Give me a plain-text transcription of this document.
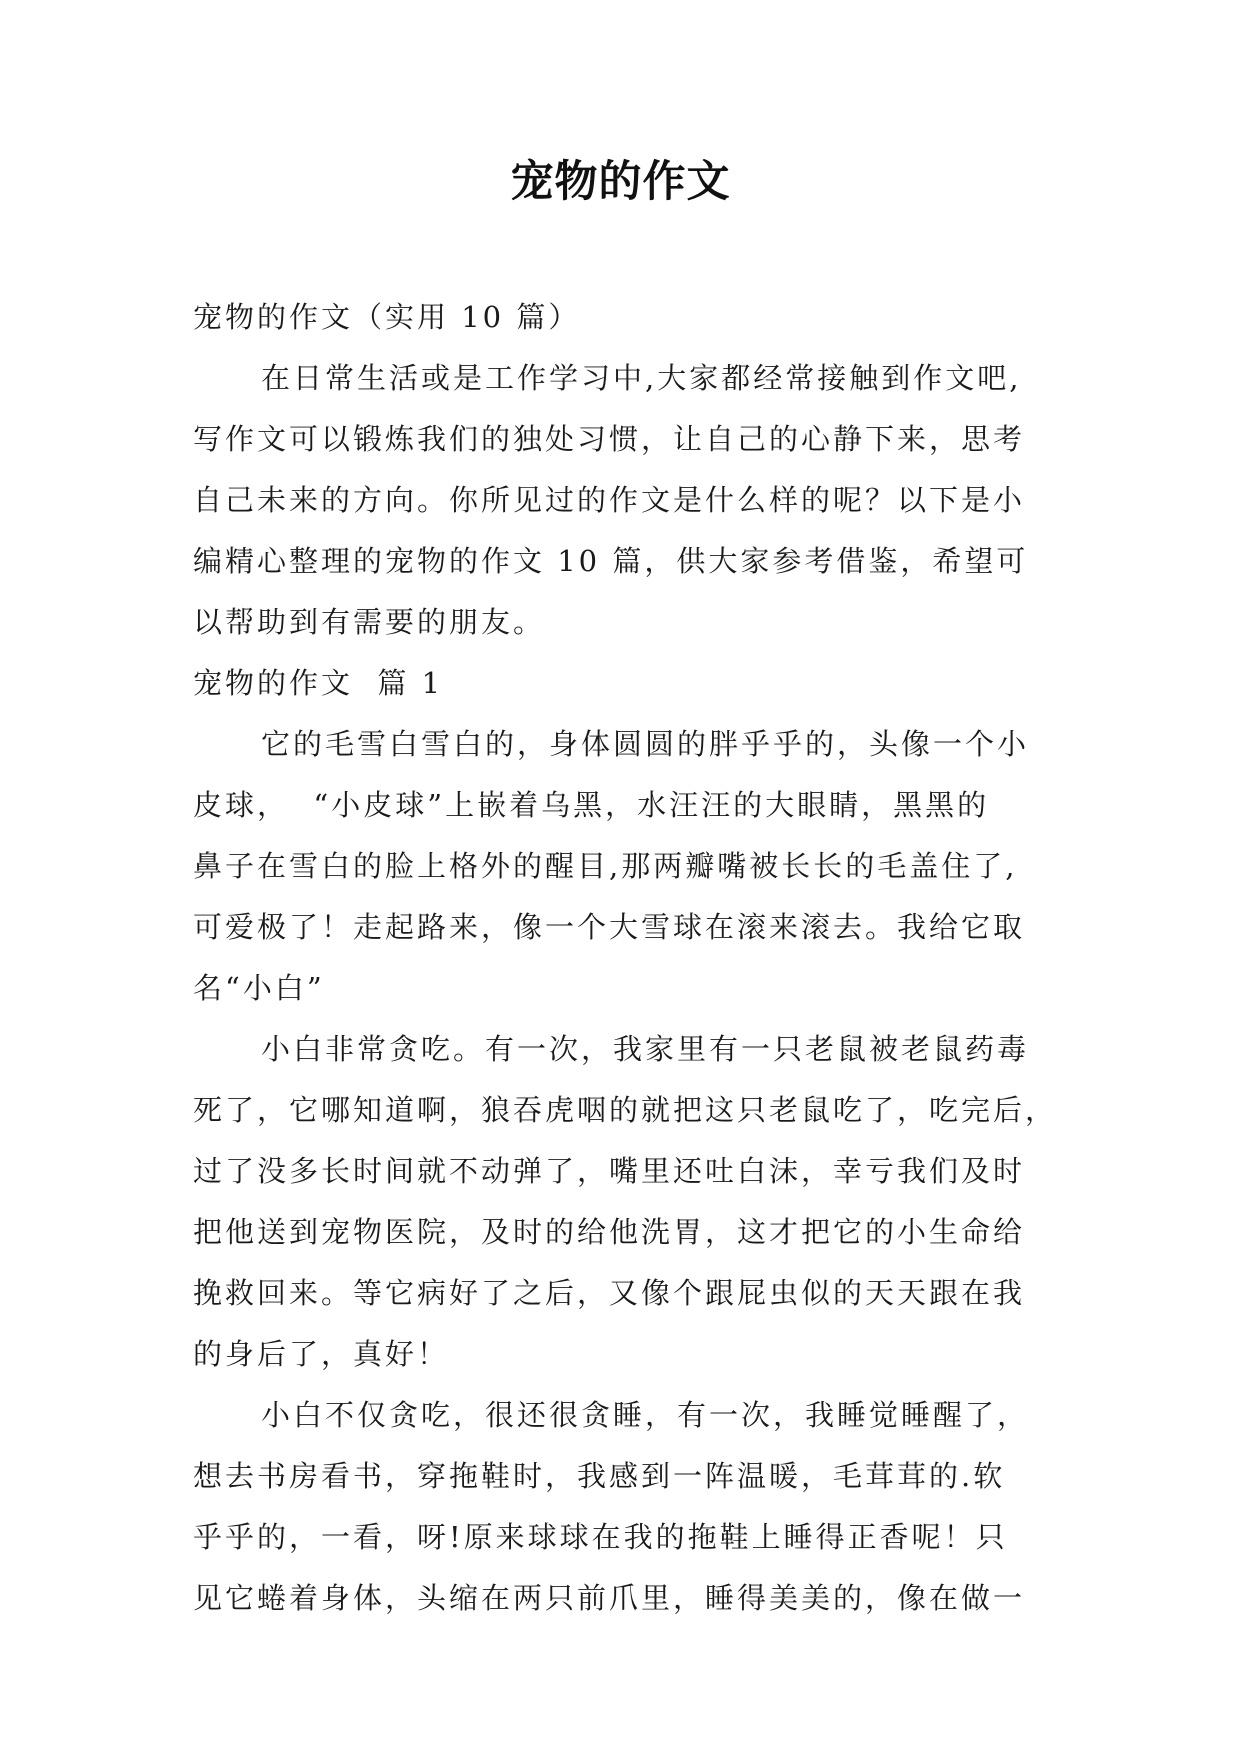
宠物的作文
宠物的作文（实用 10 篇）
在日常生活或是工作学习中,大家都经常接触到作文吧,
写作文可以锻炼我们的独处习惯，让自己的心静下来，思考
自己未来的方向。你所见过的作文是什么样的呢？以下是小
编精心整理的宠物的作文 10 篇，供大家参考借鉴，希望可
以帮助到有需要的朋友。
宠物的作文  篇 1
它的毛雪白雪白的，身体圆圆的胖乎乎的，头像一个小
皮球，  “小皮球”上嵌着乌黑，水汪汪的大眼睛，黑黑的
鼻子在雪白的脸上格外的醒目,那两瓣嘴被长长的毛盖住了,
可爱极了！走起路来，像一个大雪球在滚来滚去。我给它取
名“小白”
小白非常贪吃。有一次，我家里有一只老鼠被老鼠药毒
死了，它哪知道啊，狼吞虎咽的就把这只老鼠吃了，吃完后，
过了没多长时间就不动弹了，嘴里还吐白沫，幸亏我们及时
把他送到宠物医院，及时的给他洗胃，这才把它的小生命给
挽救回来。等它病好了之后，又像个跟屁虫似的天天跟在我
的身后了，真好！
小白不仅贪吃，很还很贪睡，有一次，我睡觉睡醒了，
想去书房看书，穿拖鞋时，我感到一阵温暖，毛茸茸的.软
乎乎的，一看，呀!原来球球在我的拖鞋上睡得正香呢！只
见它蜷着身体，头缩在两只前爪里，睡得美美的，像在做一
